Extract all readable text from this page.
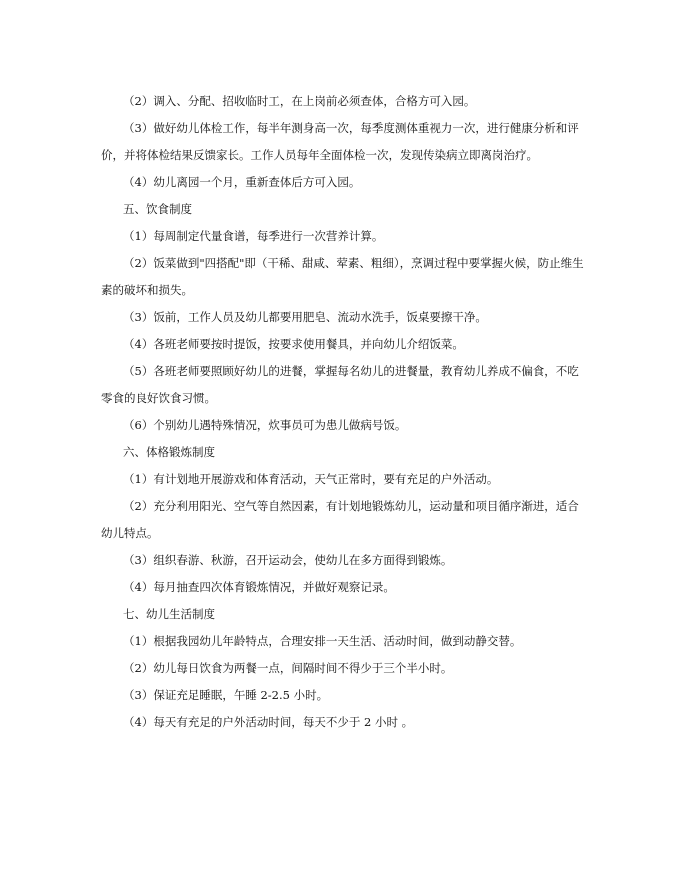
（2）调入、分配、招收临时工，在上岗前必须查体，合格方可入园。
（3）做好幼儿体检工作，每半年测身高一次，每季度测体重视力一次，进行健康分析和评
价，并将体检结果反馈家长。工作人员每年全面体检一次，发现传染病立即离岗治疗。
（4）幼儿离园一个月，重新查体后方可入园。
五、饮食制度
（1）每周制定代量食谱，每季进行一次营养计算。
（2）饭菜做到"四搭配"即（干稀、甜咸、荤素、粗细），烹调过程中要掌握火候，防止维生
素的破坏和损失。
（3）饭前，工作人员及幼儿都要用肥皂、流动水洗手，饭桌要擦干净。
（4）各班老师要按时提饭，按要求使用餐具，并向幼儿介绍饭菜。
（5）各班老师要照顾好幼儿的进餐，掌握每名幼儿的进餐量，教育幼儿养成不偏食，不吃
零食的良好饮食习惯。
（6）个别幼儿遇特殊情况，炊事员可为患儿做病号饭。
六、体格锻炼制度
（1）有计划地开展游戏和体育活动，天气正常时，要有充足的户外活动。
（2）充分利用阳光、空气等自然因素，有计划地锻炼幼儿，运动量和项目循序渐进，适合
幼儿特点。
（3）组织春游、秋游，召开运动会，使幼儿在多方面得到锻炼。
（4）每月抽查四次体育锻炼情况，并做好观察记录。
七、幼儿生活制度
（1）根据我园幼儿年龄特点，合理安排一天生活、活动时间，做到动静交替。
（2）幼儿每日饮食为两餐一点，间隔时间不得少于三个半小时。
（3）保证充足睡眠，午睡 2-2.5 小时。
（4）每天有充足的户外活动时间，每天不少于 2 小时 。
